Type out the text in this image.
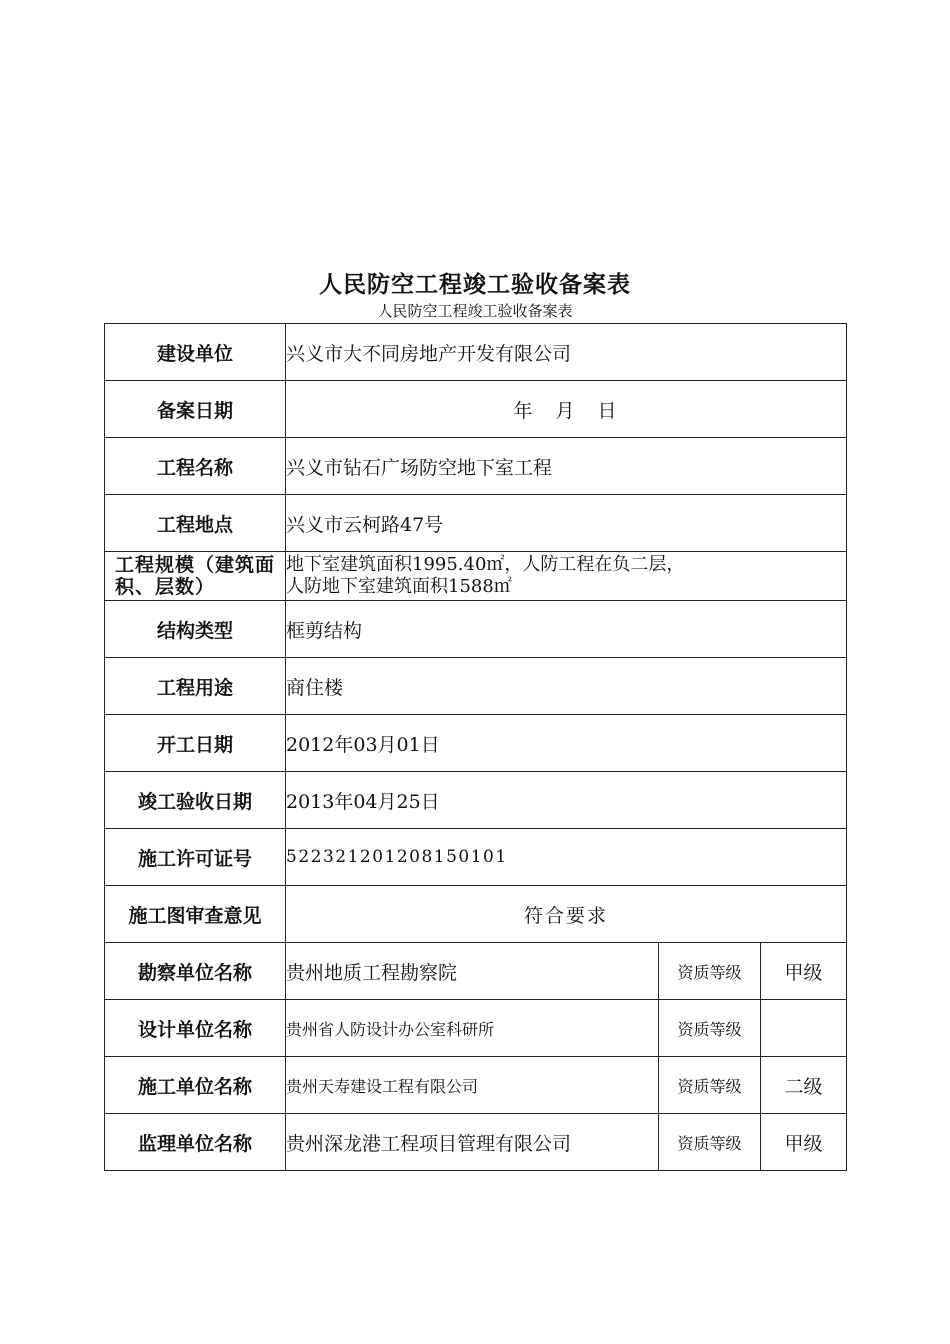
人民防空工程竣工验收备案表
人民防空工程竣工验收备案表
建设单位	兴义市大不同房地产开发有限公司		
备案日期	年　月　日		
工程名称	兴义市钻石广场防空地下室工程		
工程地点	兴义市云柯路47号		
工程规模（建筑面积、层数）	地下室建筑面积1995.40㎡，人防工程在负二层，
人防地下室建筑面积1588㎡		

结构类型	框剪结构		
工程用途	商住楼		
开工日期	2012年03月01日		
竣工验收日期	2013年04月25日		
施工许可证号	522321201208150101		
施工图审查意见	符合要求		
勘察单位名称	贵州地质工程勘察院	资质等级	甲级
设计单位名称	贵州省人防设计办公室科研所	资质等级	
施工单位名称	贵州天寿建设工程有限公司	资质等级	二级
监理单位名称	贵州深龙港工程项目管理有限公司	资质等级	甲级
